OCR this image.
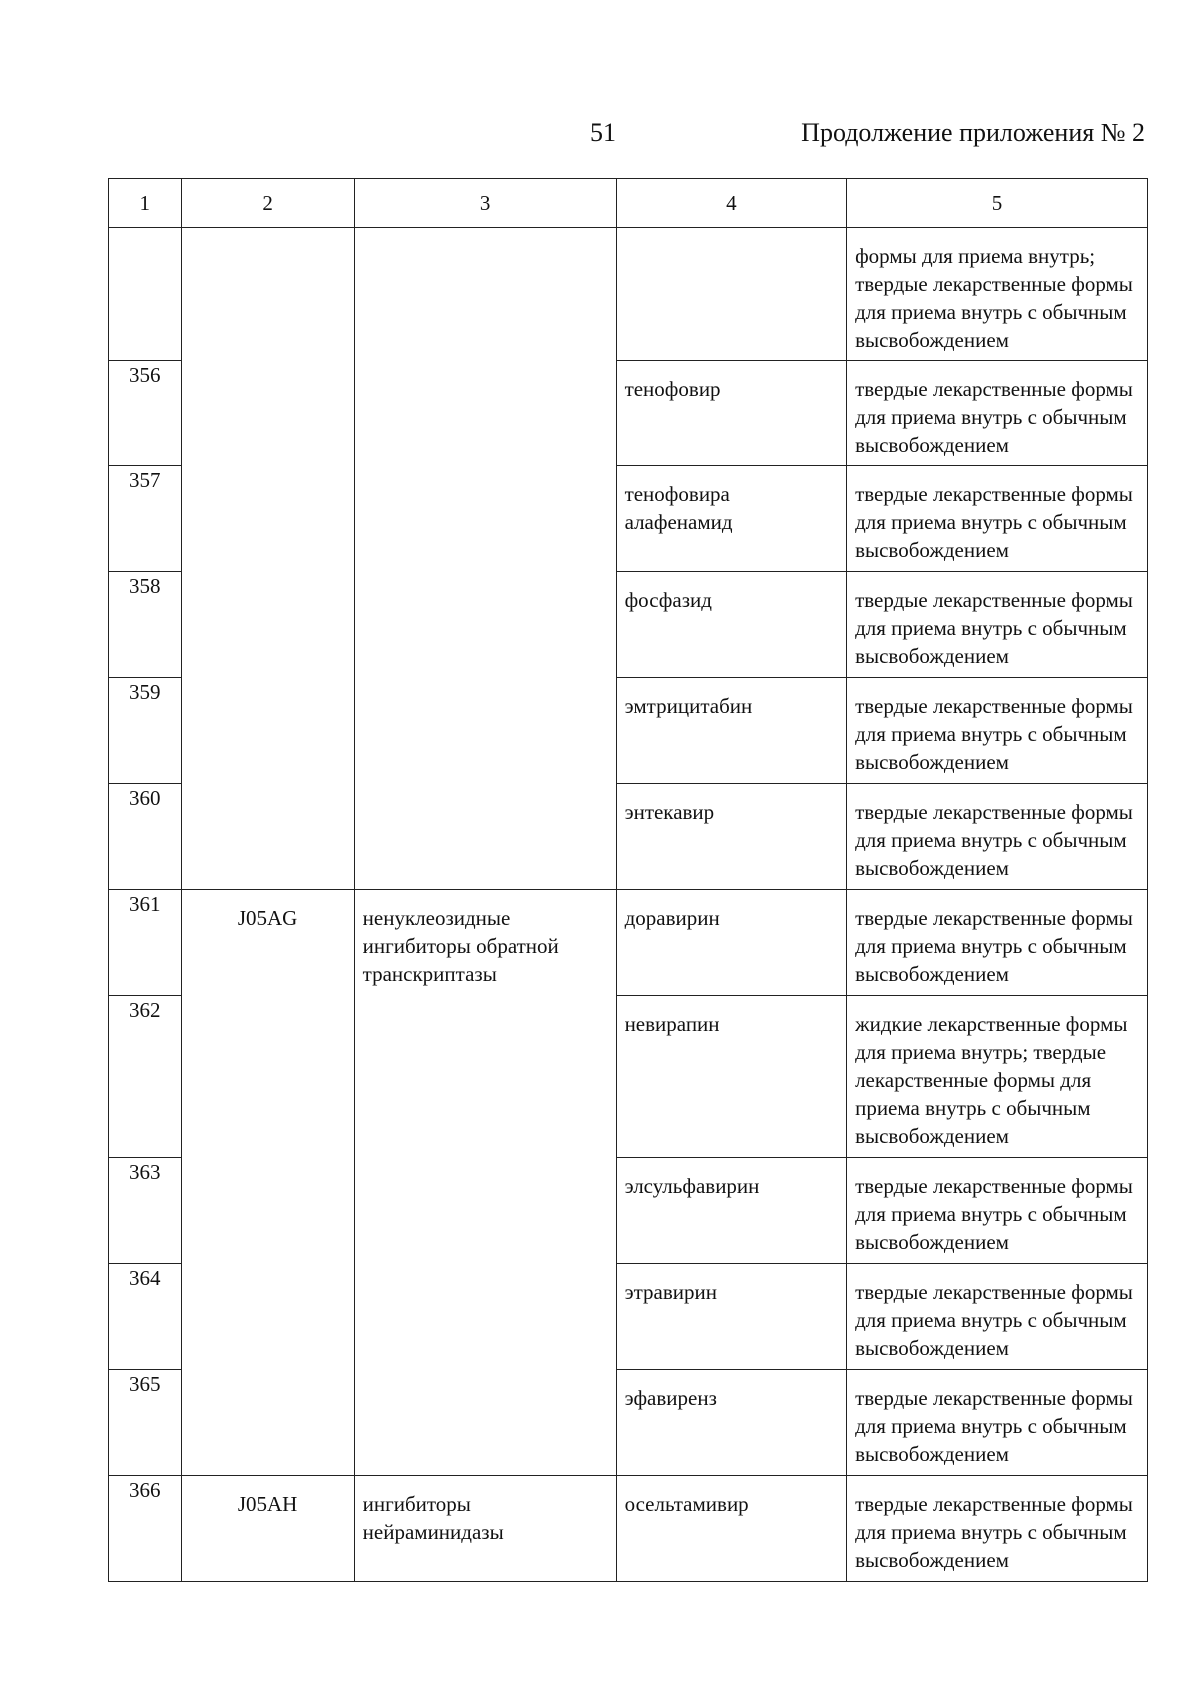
51	Продолжение приложения № 2
1	2	3	4	5

				формы для приема внутрь; твердые лекарственные формы для приема внутрь с обычным высвобождением

356			тенофовир	твердые лекарственные формы для приема внутрь с обычным высвобождением

357			тенофовира алафенамид	твердые лекарственные формы для приема внутрь с обычным высвобождением

358			фосфазид	твердые лекарственные формы для приема внутрь с обычным высвобождением

359			эмтрицитабин	твердые лекарственные формы для приема внутрь с обычным высвобождением

360			энтекавир	твердые лекарственные формы для приема внутрь с обычным высвобождением

361	J05AG	ненуклеозидные ингибиторы обратной транскриптазы	доравирин	твердые лекарственные формы для приема внутрь с обычным высвобождением

362			невирапин	жидкие лекарственные формы для приема внутрь; твердые лекарственные формы для приема внутрь с обычным высвобождением

363			элсульфавирин	твердые лекарственные формы для приема внутрь с обычным высвобождением

364			этравирин	твердые лекарственные формы для приема внутрь с обычным высвобождением

365			эфавиренз	твердые лекарственные формы для приема внутрь с обычным высвобождением

366	J05AH	ингибиторы нейраминидазы	осельтамивир	твердые лекарственные формы для приема внутрь с обычным высвобождением
